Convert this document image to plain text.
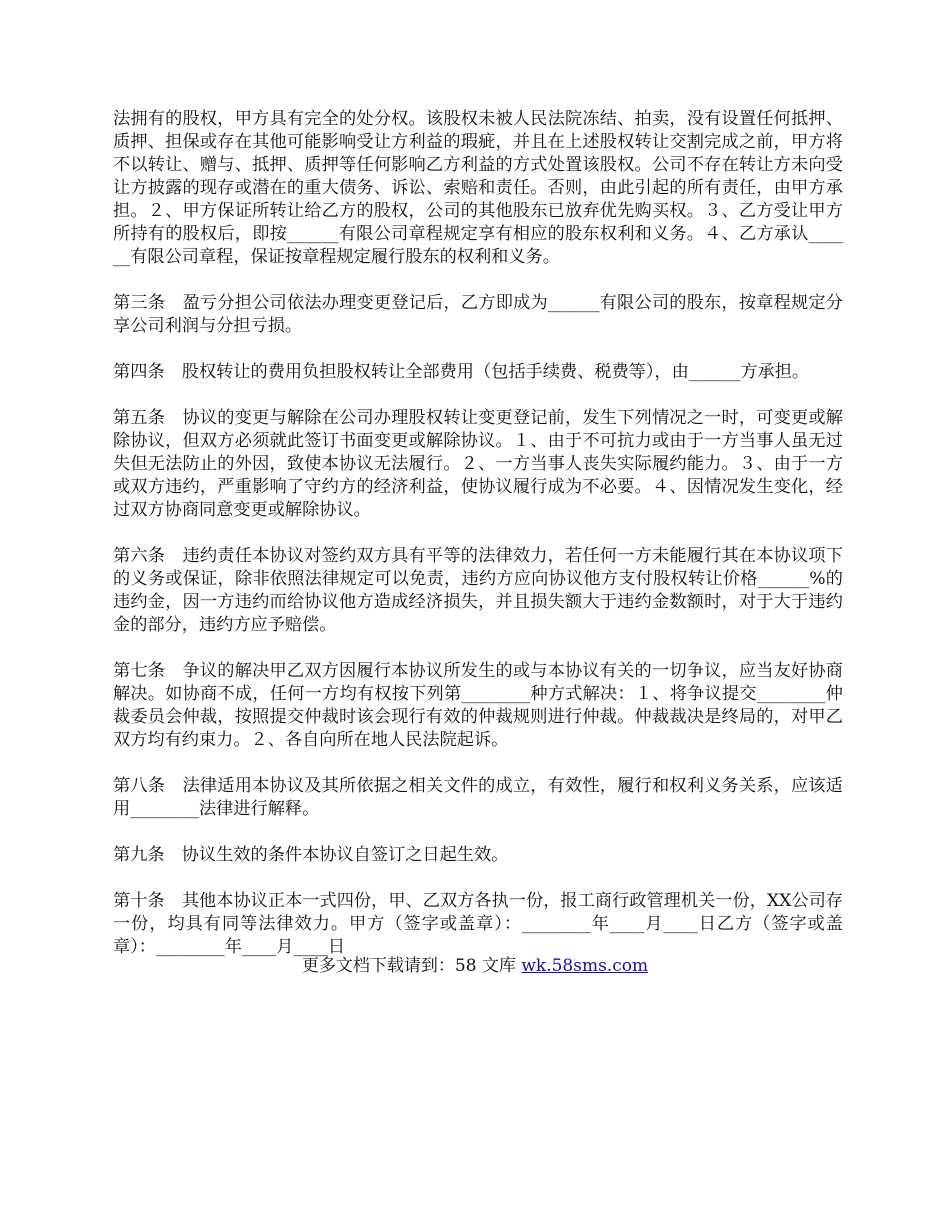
法拥有的股权，甲方具有完全的处分权。该股权未被人民法院冻结、拍卖，没有设置任何抵押、质押、担保或存在其他可能影响受让方利益的瑕疵，并且在上述股权转让交割完成之前，甲方将不以转让、赠与、抵押、质押等任何影响乙方利益的方式处置该股权。公司不存在转让方未向受让方披露的现存或潜在的重大债务、诉讼、索赔和责任。否则，由此引起的所有责任，由甲方承担。２、甲方保证所转让给乙方的股权，公司的其他股东已放弃优先购买权。３、乙方受让甲方所持有的股权后，即按______有限公司章程规定享有相应的股东权利和义务。４、乙方承认______有限公司章程，保证按章程规定履行股东的权利和义务。

第三条　盈亏分担公司依法办理变更登记后，乙方即成为______有限公司的股东，按章程规定分享公司利润与分担亏损。

第四条　股权转让的费用负担股权转让全部费用（包括手续费、税费等），由______方承担。

第五条　协议的变更与解除在公司办理股权转让变更登记前，发生下列情况之一时，可变更或解除协议，但双方必须就此签订书面变更或解除协议。１、由于不可抗力或由于一方当事人虽无过失但无法防止的外因，致使本协议无法履行。２、一方当事人丧失实际履约能力。３、由于一方或双方违约，严重影响了守约方的经济利益，使协议履行成为不必要。４、因情况发生变化，经过双方协商同意变更或解除协议。

第六条　违约责任本协议对签约双方具有平等的法律效力，若任何一方未能履行其在本协议项下的义务或保证，除非依照法律规定可以免责，违约方应向协议他方支付股权转让价格______%的违约金，因一方违约而给协议他方造成经济损失，并且损失额大于违约金数额时，对于大于违约金的部分，违约方应予赔偿。

第七条　争议的解决甲乙双方因履行本协议所发生的或与本协议有关的一切争议，应当友好协商解决。如协商不成，任何一方均有权按下列第________种方式解决：１、将争议提交________仲裁委员会仲裁，按照提交仲裁时该会现行有效的仲裁规则进行仲裁。仲裁裁决是终局的，对甲乙双方均有约束力。２、各自向所在地人民法院起诉。

第八条　法律适用本协议及其所依据之相关文件的成立，有效性，履行和权利义务关系，应该适用________法律进行解释。

第九条　协议生效的条件本协议自签订之日起生效。

第十条　其他本协议正本一式四份，甲、乙双方各执一份，报工商行政管理机关一份，XX公司存一份，均具有同等法律效力。甲方（签字或盖章）：________年____月____日乙方（签字或盖章）：________年____月____日

更多文档下载请到：58 文库 wk.58sms.com
